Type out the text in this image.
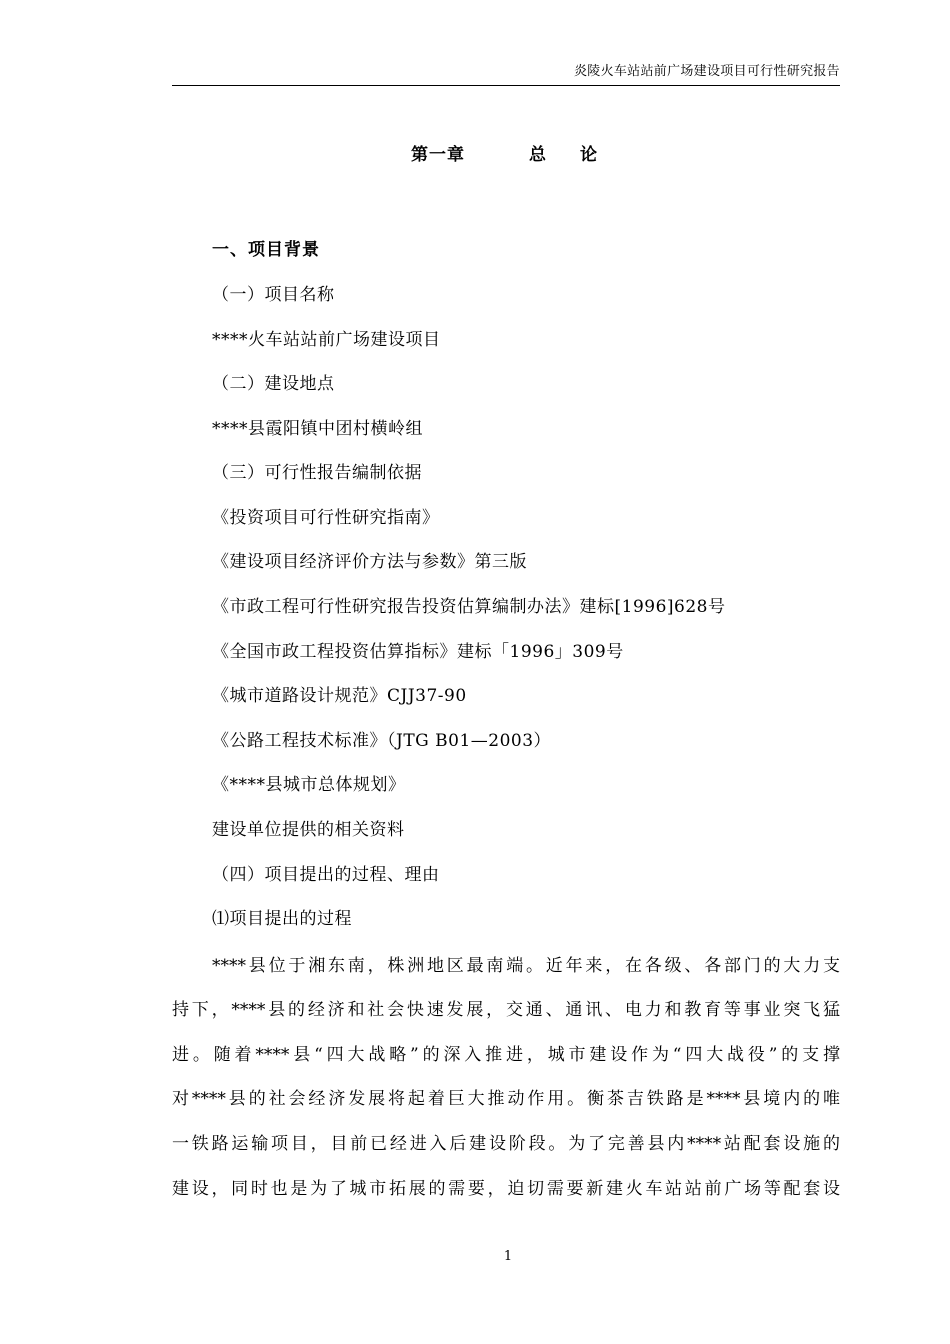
炎陵火车站站前广场建设项目可行性研究报告
第一章	总 论
一、项目背景
（一）项目名称
****火车站站前广场建设项目
（二）建设地点
****县霞阳镇中团村横岭组
（三）可行性报告编制依据
《投资项目可行性研究指南》
《建设项目经济评价方法与参数》第三版
《市政工程可行性研究报告投资估算编制办法》建标[1996]628号
《全国市政工程投资估算指标》建标「1996」309号
《城市道路设计规范》CJJ37-90
《公路工程技术标准》（JTG B01—2003）
《****县城市总体规划》
建设单位提供的相关资料
（四）项目提出的过程、理由
⑴项目提出的过程
****县位于湘东南，株洲地区最南端。近年来，在各级、各部门的大力支
持下，****县的经济和社会快速发展，交通、通讯、电力和教育等事业突飞猛
进。随着****县“四大战略”的深入推进，城市建设作为“四大战役”的支撑
对****县的社会经济发展将起着巨大推动作用。衡茶吉铁路是****县境内的唯
一铁路运输项目，目前已经进入后建设阶段。为了完善县内****站配套设施的
建设，同时也是为了城市拓展的需要，迫切需要新建火车站站前广场等配套设
1
